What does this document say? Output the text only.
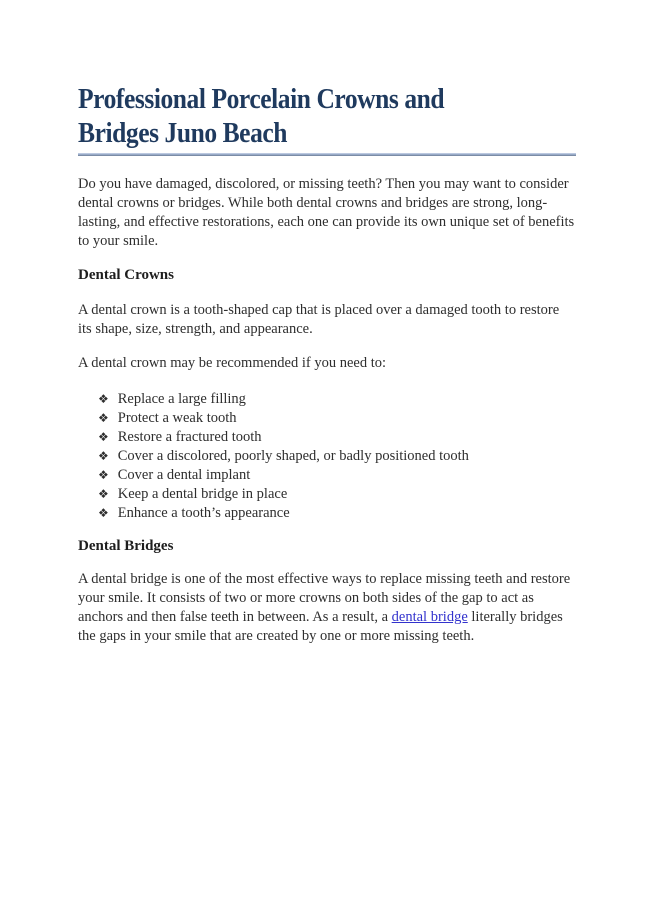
Professional Porcelain Crowns and Bridges Juno Beach

Do you have damaged, discolored, or missing teeth? Then you may want to consider dental crowns or bridges. While both dental crowns and bridges are strong, long-lasting, and effective restorations, each one can provide its own unique set of benefits to your smile.

Dental Crowns

A dental crown is a tooth-shaped cap that is placed over a damaged tooth to restore its shape, size, strength, and appearance.

A dental crown may be recommended if you need to:

❖ Replace a large filling
❖ Protect a weak tooth
❖ Restore a fractured tooth
❖ Cover a discolored, poorly shaped, or badly positioned tooth
❖ Cover a dental implant
❖ Keep a dental bridge in place
❖ Enhance a tooth’s appearance
Dental Bridges

A dental bridge is one of the most effective ways to replace missing teeth and restore your smile. It consists of two or more crowns on both sides of the gap to act as anchors and then false teeth in between. As a result, a dental bridge literally bridges the gaps in your smile that are created by one or more missing teeth.
